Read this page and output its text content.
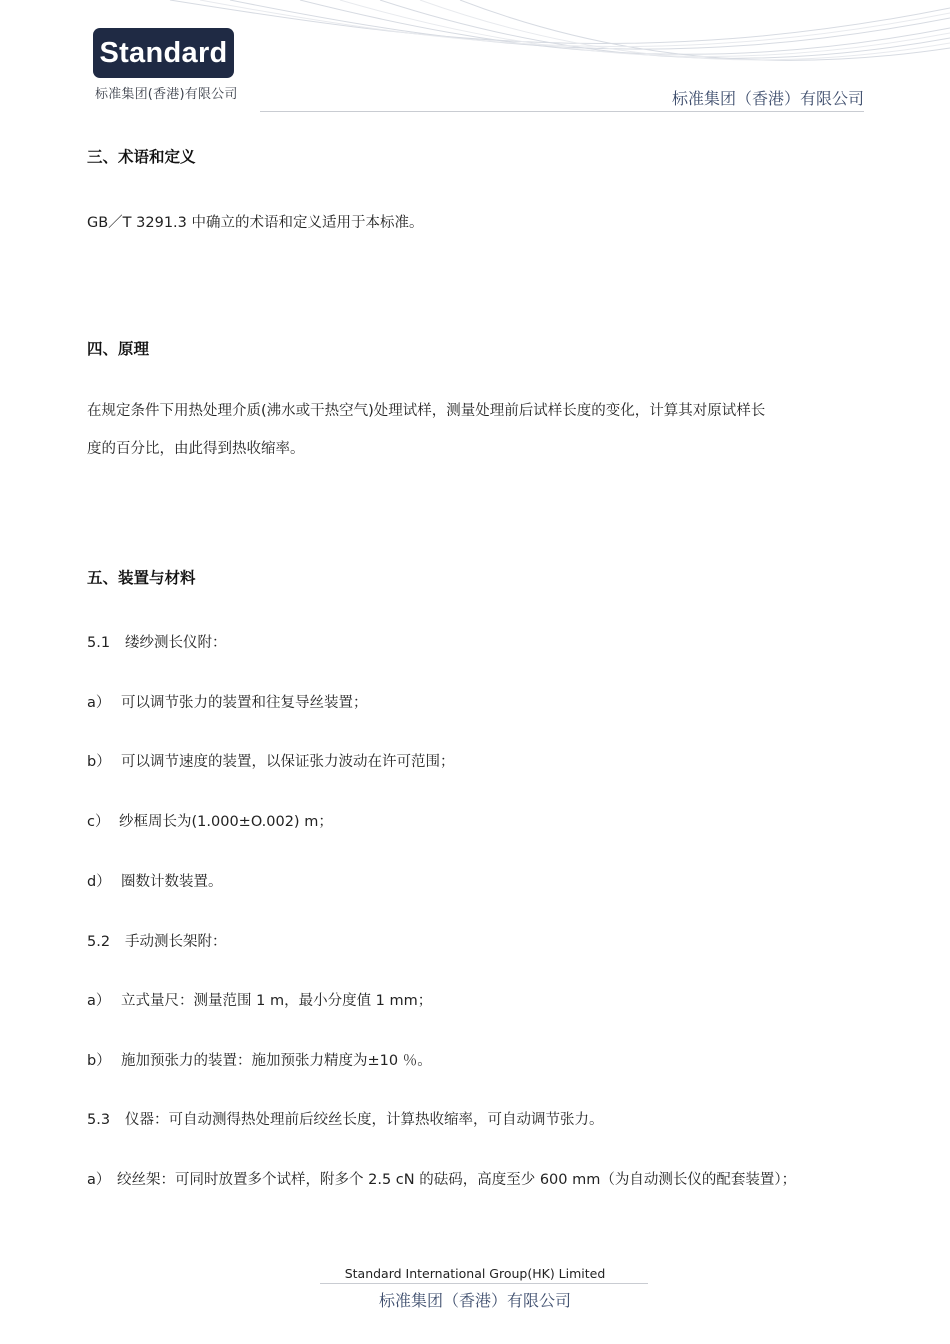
Standard
标准集团(香港)有限公司	标准集团（香港）有限公司
三、术语和定义
GB／T 3291.3 中确立的术语和定义适用于本标准。
四、原理
在规定条件下用热处理介质(沸水或干热空气)处理试样，测量处理前后试样长度的变化，计算其对原试样长
度的百分比，由此得到热收缩率。
五、装置与材料
5.1 缕纱测长仪附：
a） 可以调节张力的装置和往复导丝装置；
b） 可以调节速度的装置，以保证张力波动在许可范围；
c） 纱框周长为(1.000±O.002) m；
d） 圈数计数装置。
5.2 手动测长架附：
a） 立式量尺：测量范围 1 m，最小分度值 1 mm；
b） 施加预张力的装置：施加预张力精度为±10 ％。
5.3 仪器：可自动测得热处理前后绞丝长度，计算热收缩率，可自动调节张力。
a） 绞丝架：可同时放置多个试样，附多个 2.5 cN 的砝码，高度至少 600 mm（为自动测长仪的配套装置）；
Standard International Group(HK) Limited
标准集团（香港）有限公司
